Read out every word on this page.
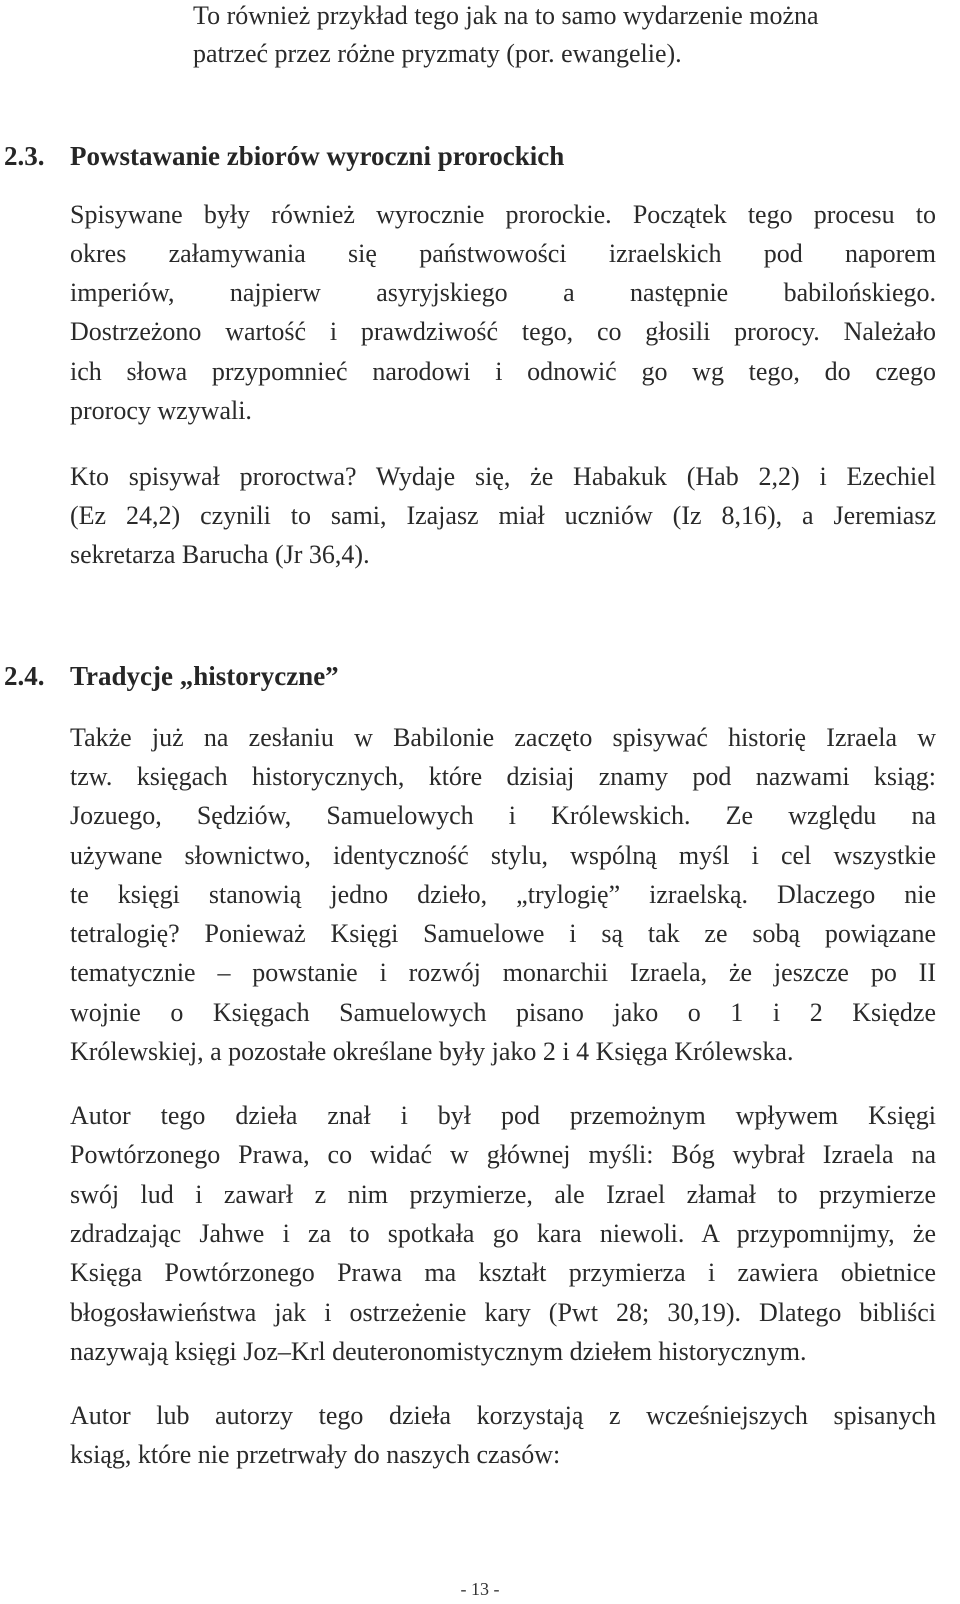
To również przykład tego jak na to samo wydarzenie można
patrzeć przez różne pryzmaty (por. ewangelie).
2.3. Powstawanie zbiorów wyroczni prorockich
Spisywane były również wyrocznie prorockie. Początek tego procesu to
okres załamywania się państwowości izraelskich pod naporem
imperiów, najpierw asyryjskiego a następnie babilońskiego.
Dostrzeżono wartość i prawdziwość tego, co głosili prorocy. Należało
ich słowa przypomnieć narodowi i odnowić go wg tego, do czego
prorocy wzywali.
Kto spisywał proroctwa? Wydaje się, że Habakuk (Hab 2,2) i Ezechiel
(Ez 24,2) czynili to sami, Izajasz miał uczniów (Iz 8,16), a Jeremiasz
sekretarza Barucha (Jr 36,4).
2.4. Tradycje „historyczne”
Także już na zesłaniu w Babilonie zaczęto spisywać historię Izraela w
tzw. księgach historycznych, które dzisiaj znamy pod nazwami ksiąg:
Jozuego, Sędziów, Samuelowych i Królewskich. Ze względu na
używane słownictwo, identyczność stylu, wspólną myśl i cel wszystkie
te księgi stanowią jedno dzieło, „trylogię” izraelską. Dlaczego nie
tetralogię? Ponieważ Księgi Samuelowe i są tak ze sobą powiązane
tematycznie – powstanie i rozwój monarchii Izraela, że jeszcze po II
wojnie o Księgach Samuelowych pisano jako o 1 i 2 Księdze
Królewskiej, a pozostałe określane były jako 2 i 4 Księga Królewska.
Autor tego dzieła znał i był pod przemożnym wpływem Księgi
Powtórzonego Prawa, co widać w głównej myśli: Bóg wybrał Izraela na
swój lud i zawarł z nim przymierze, ale Izrael złamał to przymierze
zdradzając Jahwe i za to spotkała go kara niewoli. A przypomnijmy, że
Księga Powtórzonego Prawa ma kształt przymierza i zawiera obietnice
błogosławieństwa jak i ostrzeżenie kary (Pwt 28; 30,19). Dlatego bibliści
nazywają księgi Joz–Krl deuteronomistycznym dziełem historycznym.
Autor lub autorzy tego dzieła korzystają z wcześniejszych spisanych
ksiąg, które nie przetrwały do naszych czasów:
- 13 -
